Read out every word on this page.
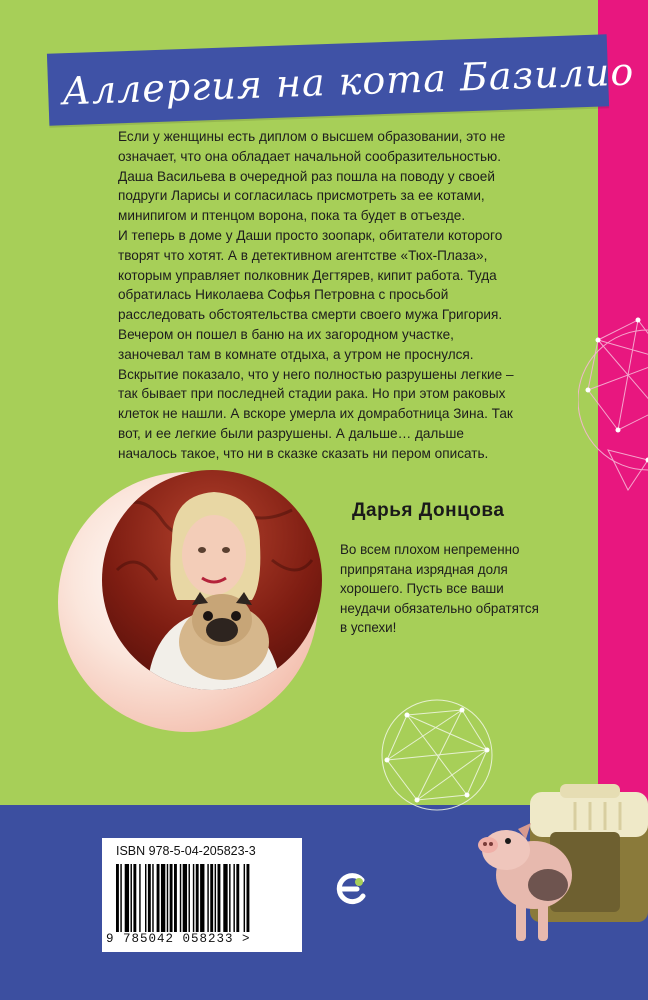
Аллергия на кота Базилио

Если у женщины есть диплом о высшем образовании, это не означает, что она обладает начальной сообразительностью. Даша Васильева в очередной раз пошла на поводу у своей подруги Ларисы и согласилась присмотреть за ее котами, минипигом и птенцом ворона, пока та будет в отъезде.

И теперь в доме у Даши просто зоопарк, обитатели которого творят что хотят. А в детективном агентстве «Тюх-Плаза», которым управляет полковник Дегтярев, кипит работа. Туда обратилась Николаева Софья Петровна с просьбой расследовать обстоятельства смерти своего мужа Григория. Вечером он пошел в баню на их загородном участке, заночевал там в комнате отдыха, а утром не проснулся. Вскрытие показало, что у него полностью разрушены легкие – так бывает при последней стадии рака. Но при этом раковых клеток не нашли. А вскоре умерла их домработница Зина. Так вот, и ее легкие были разрушены. А дальше… дальше началось такое, что ни в сказке сказать ни пером описать.

Дарья Донцова
Во всем плохом непременно припрятана изрядная доля хорошего. Пусть все ваши неудачи обязательно обратятся в успехи!
ISBN 978-5-04-205823-3
9 785042 058233 >
